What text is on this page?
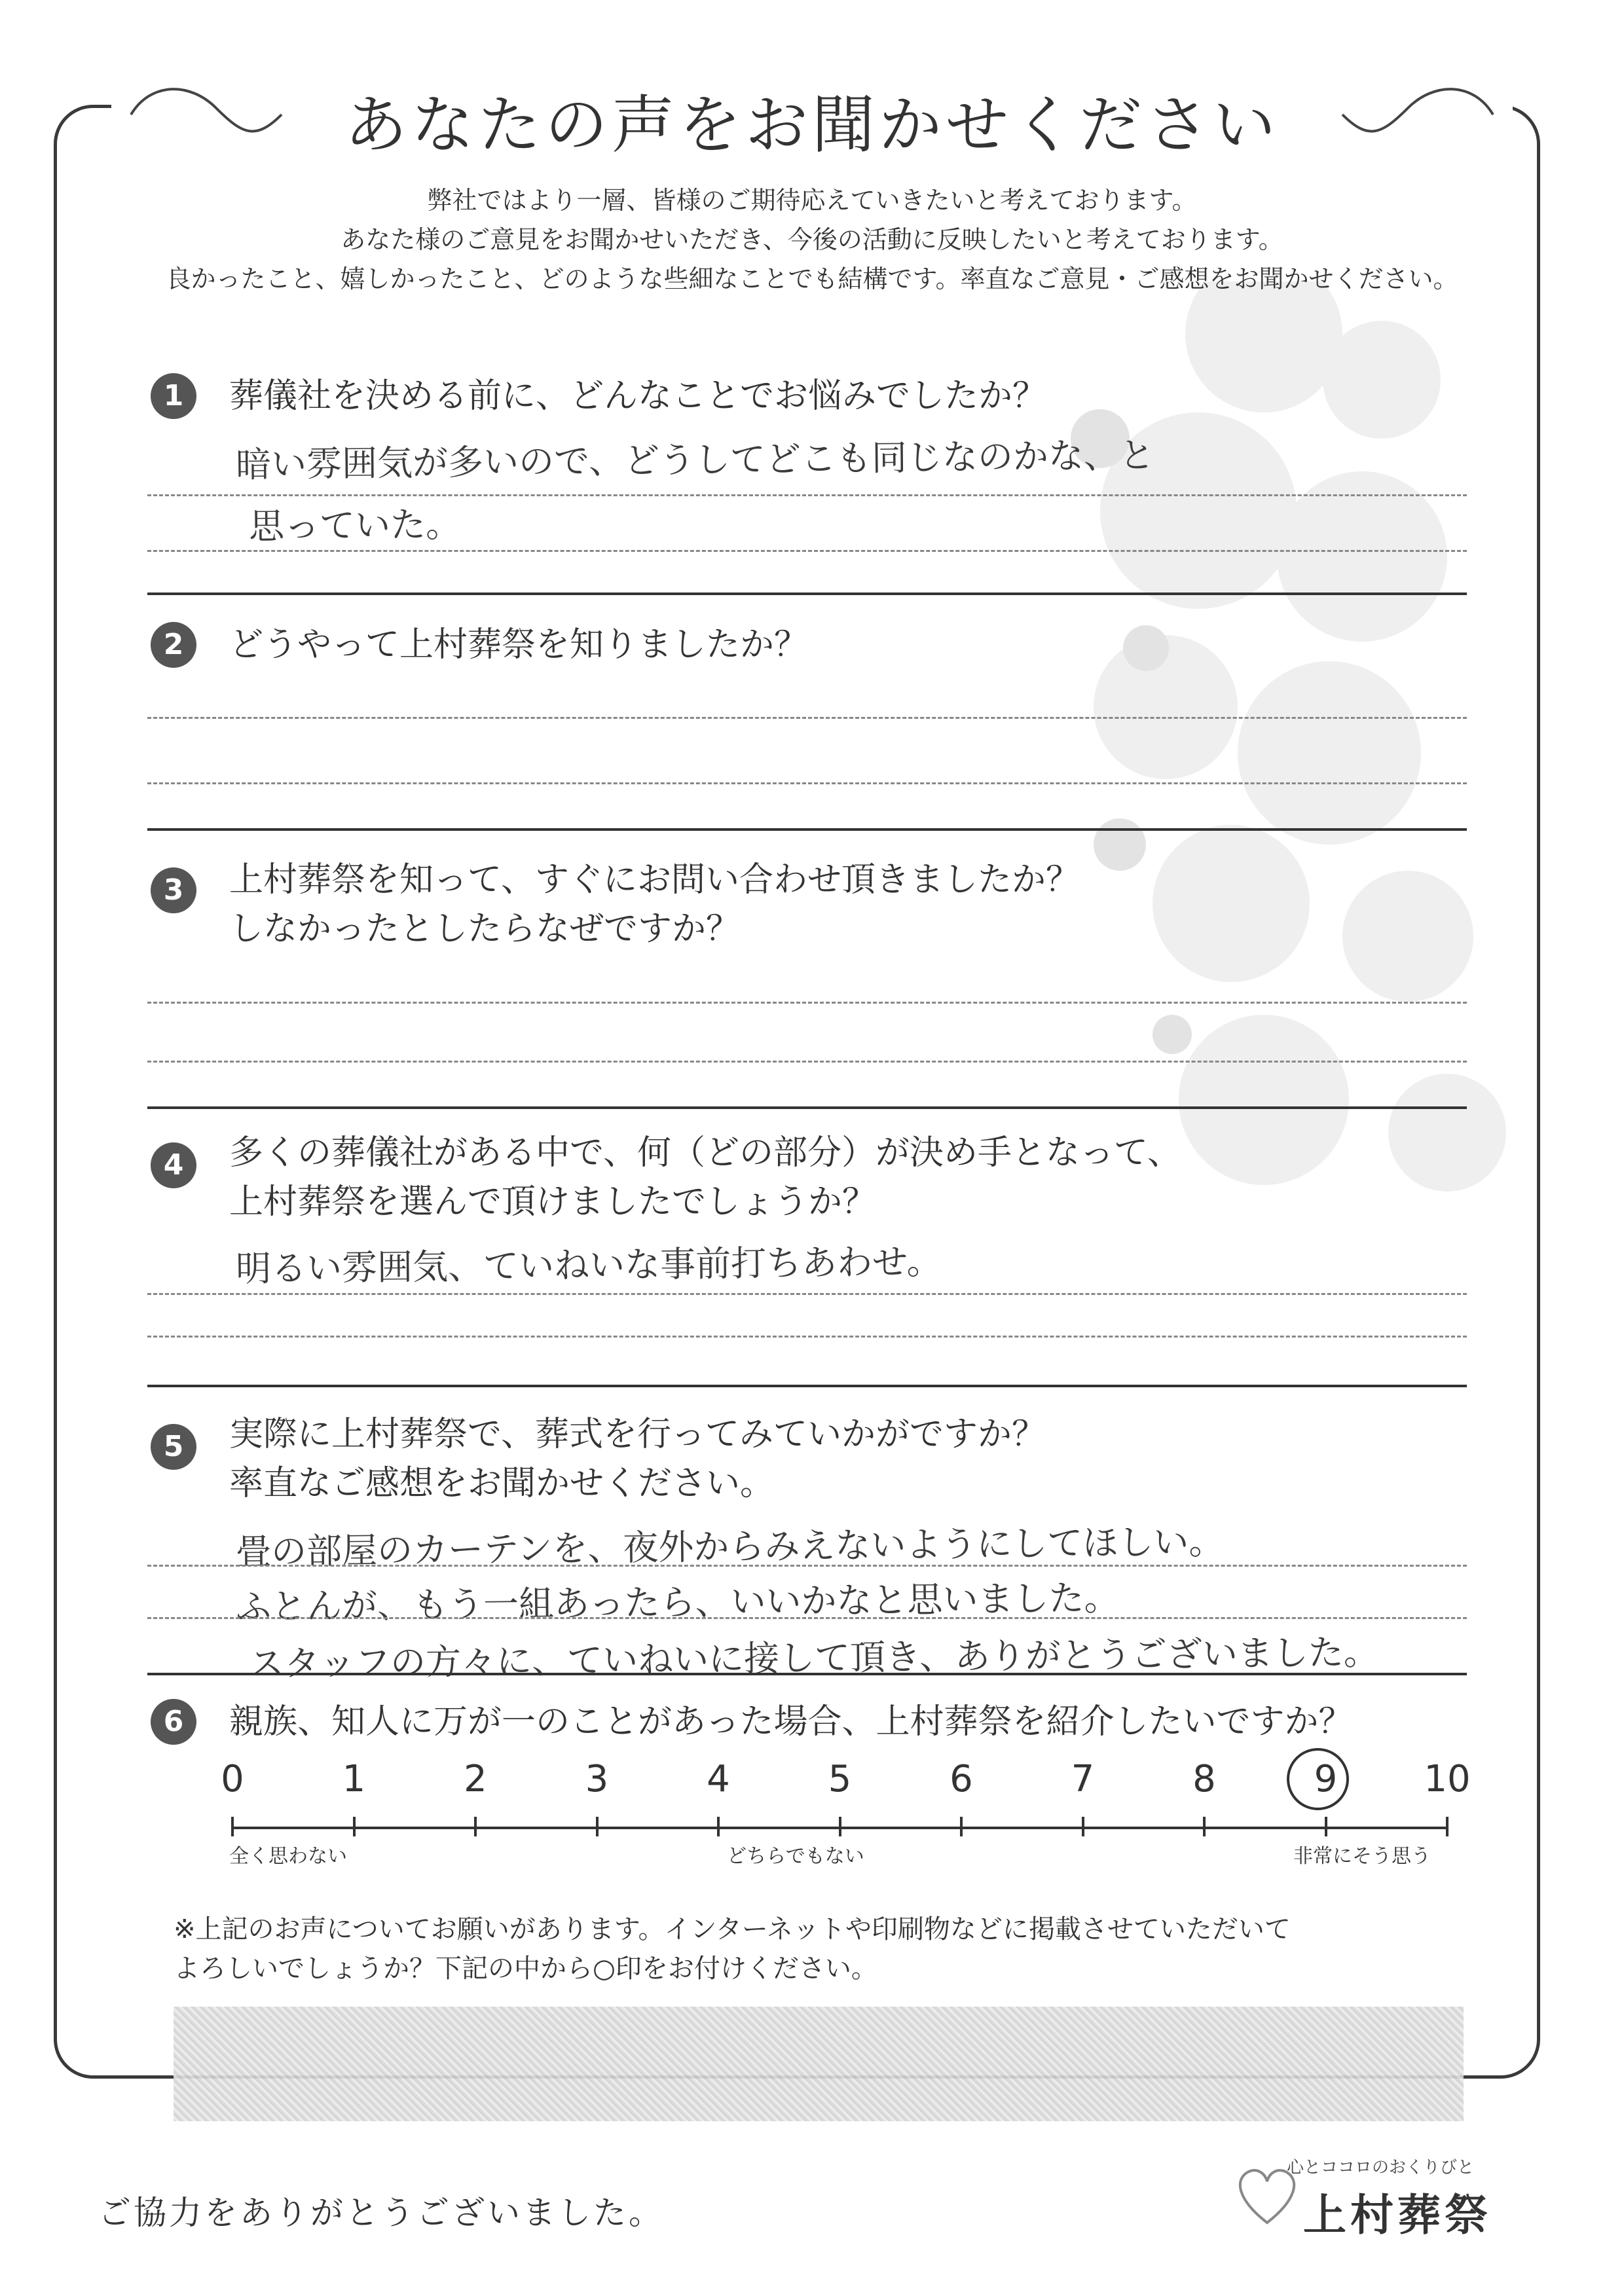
あなたの声をお聞かせください
弊社ではより一層、皆様のご期待応えていきたいと考えております。
あなた様のご意見をお聞かせいただき、今後の活動に反映したいと考えております。
良かったこと、嬉しかったこと、どのような些細なことでも結構です。率直なご意見・ご感想をお聞かせください。
1	葬儀社を決める前に、どんなことでお悩みでしたか？
暗い雰囲気が多いので、どうしてどこも同じなのかな、と
思っていた。
2	どうやって上村葬祭を知りましたか？
3	上村葬祭を知って、すぐにお問い合わせ頂きましたか？
しなかったとしたらなぜですか？
4	多くの葬儀社がある中で、何（どの部分）が決め手となって、
上村葬祭を選んで頂けましたでしょうか？
明るい雰囲気、ていねいな事前打ちあわせ。
5	実際に上村葬祭で、葬式を行ってみていかがですか？
率直なご感想をお聞かせください。
畳の部屋のカーテンを、夜外からみえないようにしてほしい。
ふとんが、もう一組あったら、いいかなと思いました。
スタッフの方々に、ていねいに接して頂き、ありがとうございました。
6	親族、知人に万が一のことがあった場合、上村葬祭を紹介したいですか？
0	1	2	3	4	5	6	7	8	9	10
全く思わない	どちらでもない	非常にそう思う
※上記のお声についてお願いがあります。インターネットや印刷物などに掲載させていただいて
よろしいでしょうか？下記の中から○印をお付けください。
ご協力をありがとうございました。
心とココロのおくりびと
上村葬祭
